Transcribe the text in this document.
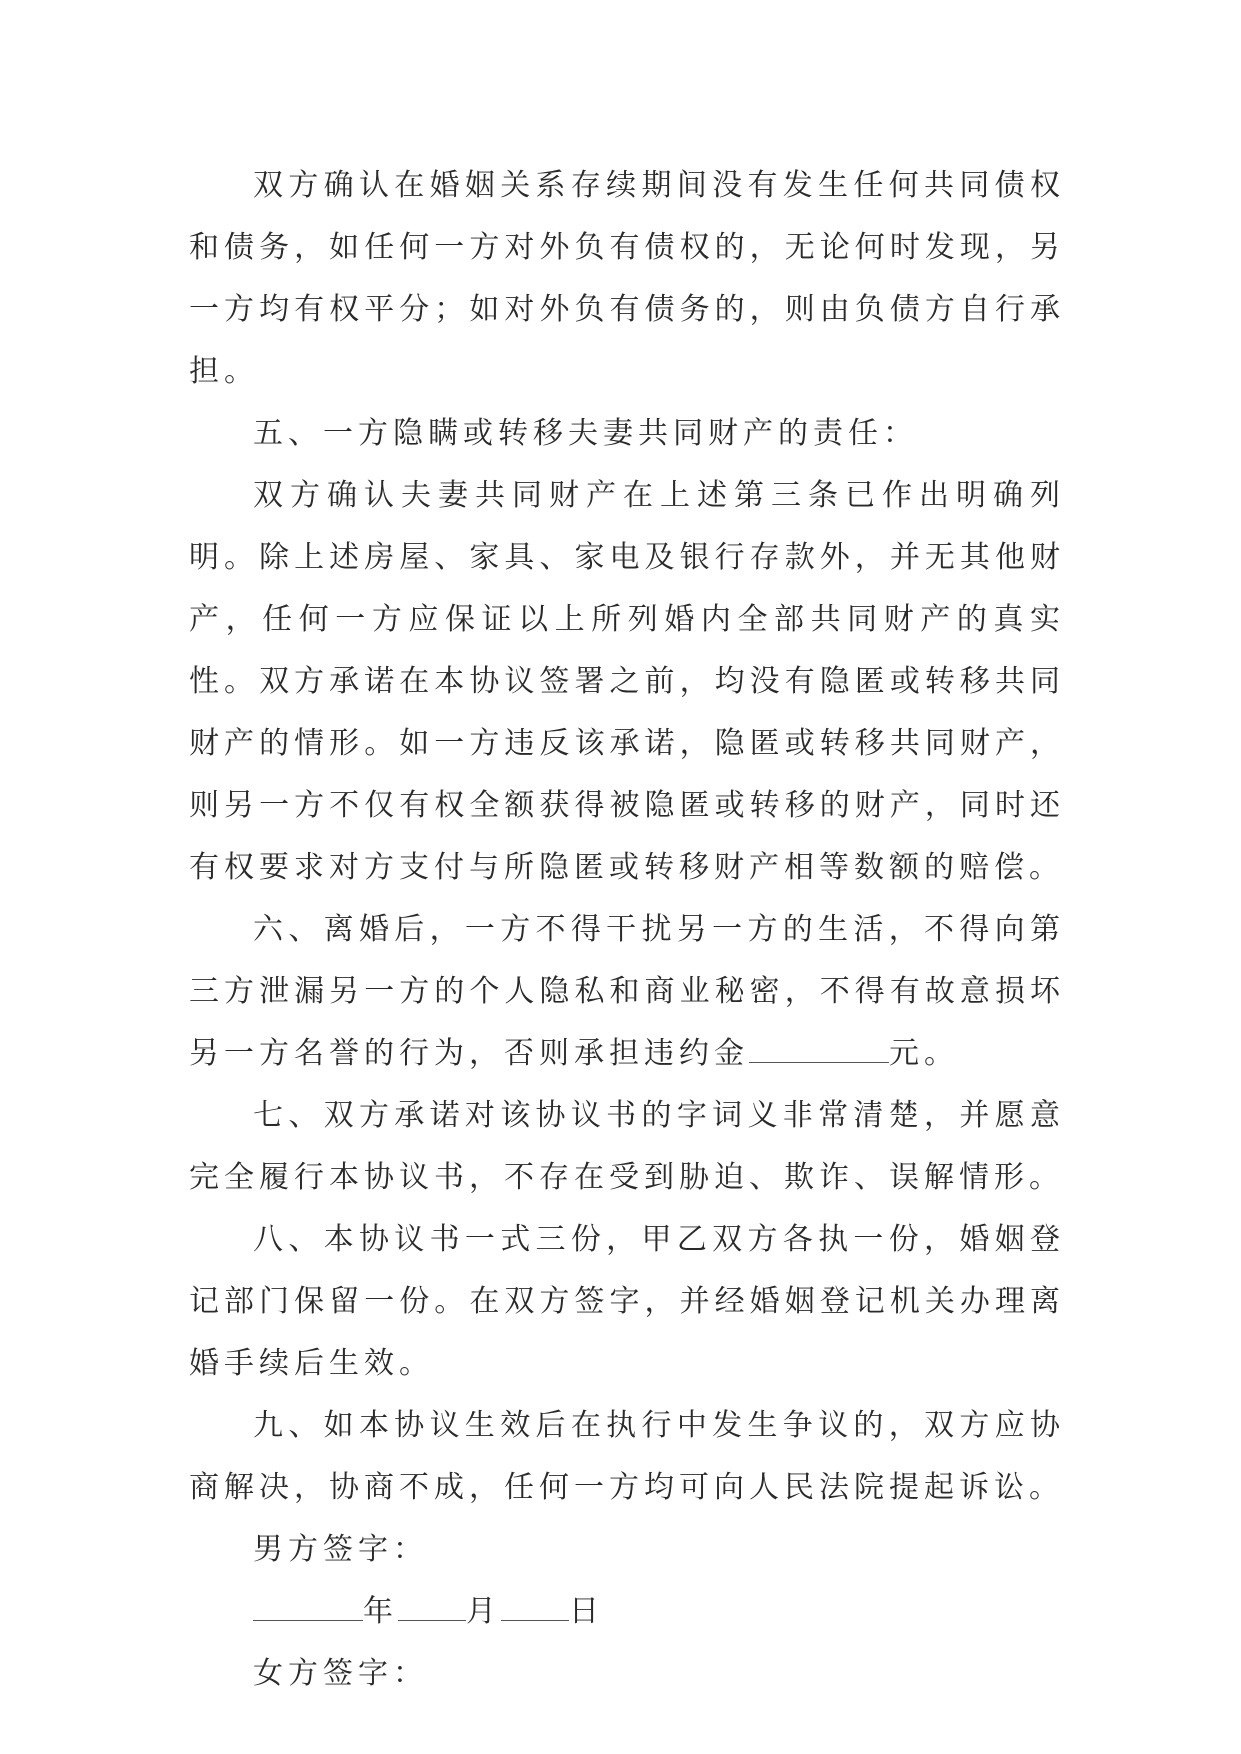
双方确认在婚姻关系存续期间没有发生任何共同债权和债务，如任何一方对外负有债权的，无论何时发现，另一方均有权平分；如对外负有债务的，则由负债方自行承担。

五、一方隐瞒或转移夫妻共同财产的责任：

双方确认夫妻共同财产在上述第三条已作出明确列明。除上述房屋、家具、家电及银行存款外，并无其他财产，任何一方应保证以上所列婚内全部共同财产的真实性。双方承诺在本协议签署之前，均没有隐匿或转移共同财产的情形。如一方违反该承诺，隐匿或转移共同财产，则另一方不仅有权全额获得被隐匿或转移的财产，同时还有权要求对方支付与所隐匿或转移财产相等数额的赔偿。

六、离婚后，一方不得干扰另一方的生活，不得向第三方泄漏另一方的个人隐私和商业秘密，不得有故意损坏另一方名誉的行为，否则承担违约金	元。

七、双方承诺对该协议书的字词义非常清楚，并愿意完全履行本协议书，不存在受到胁迫、欺诈、误解情形。

八、本协议书一式三份，甲乙双方各执一份，婚姻登记部门保留一份。在双方签字，并经婚姻登记机关办理离婚手续后生效。

九、如本协议生效后在执行中发生争议的，双方应协商解决，协商不成，任何一方均可向人民法院提起诉讼。

男方签字：

年 月 日

女方签字：
